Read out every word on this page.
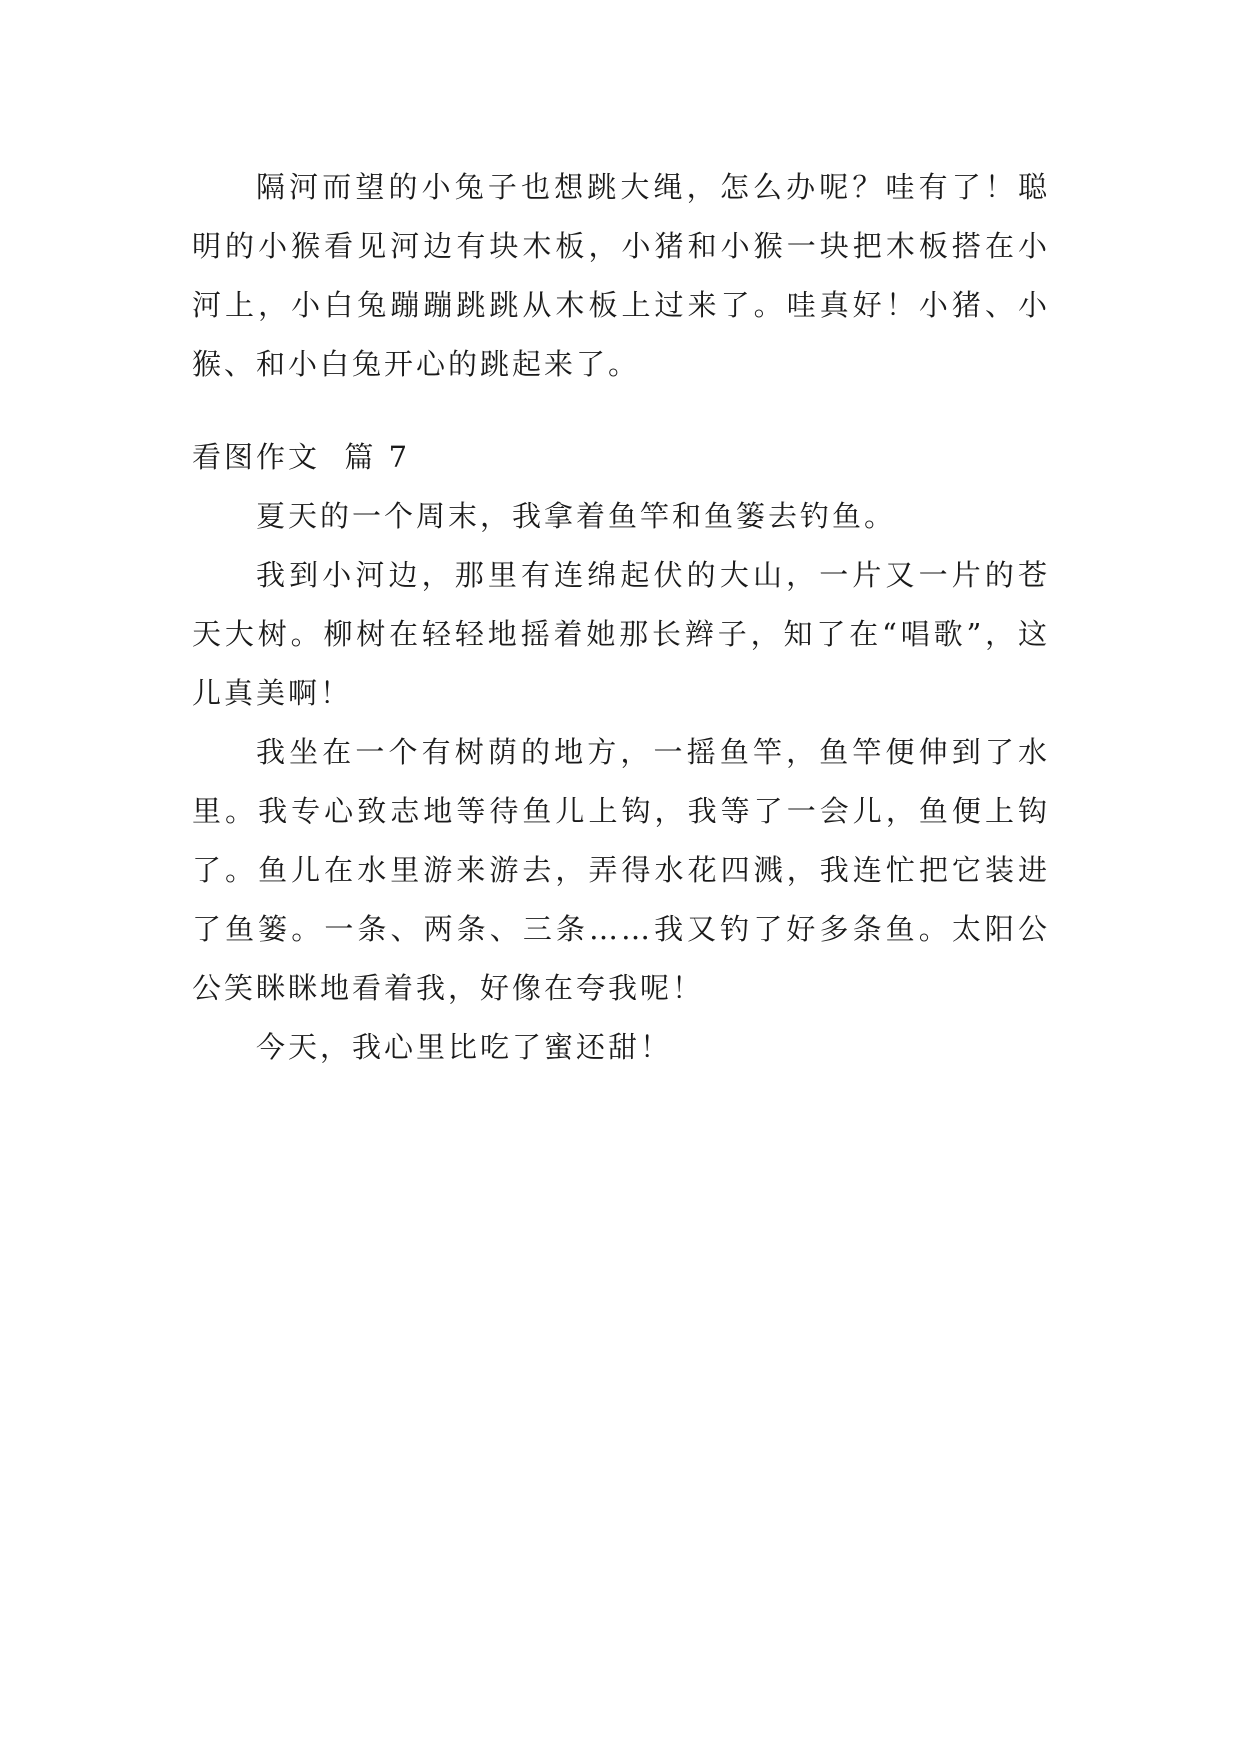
隔河而望的小兔子也想跳大绳，怎么办呢？哇有了！聪明的小猴看见河边有块木板，小猪和小猴一块把木板搭在小河上，小白兔蹦蹦跳跳从木板上过来了。哇真好！小猪、小猴、和小白兔开心的跳起来了。

看图作文  篇 7

夏天的一个周末，我拿着鱼竿和鱼篓去钓鱼。

我到小河边，那里有连绵起伏的大山，一片又一片的苍天大树。柳树在轻轻地摇着她那长辫子，知了在“唱歌”，这儿真美啊！

我坐在一个有树荫的地方，一摇鱼竿，鱼竿便伸到了水里。我专心致志地等待鱼儿上钩，我等了一会儿，鱼便上钩了。鱼儿在水里游来游去，弄得水花四溅，我连忙把它装进了鱼篓。一条、两条、三条……我又钓了好多条鱼。太阳公公笑眯眯地看着我，好像在夸我呢！

今天，我心里比吃了蜜还甜！
